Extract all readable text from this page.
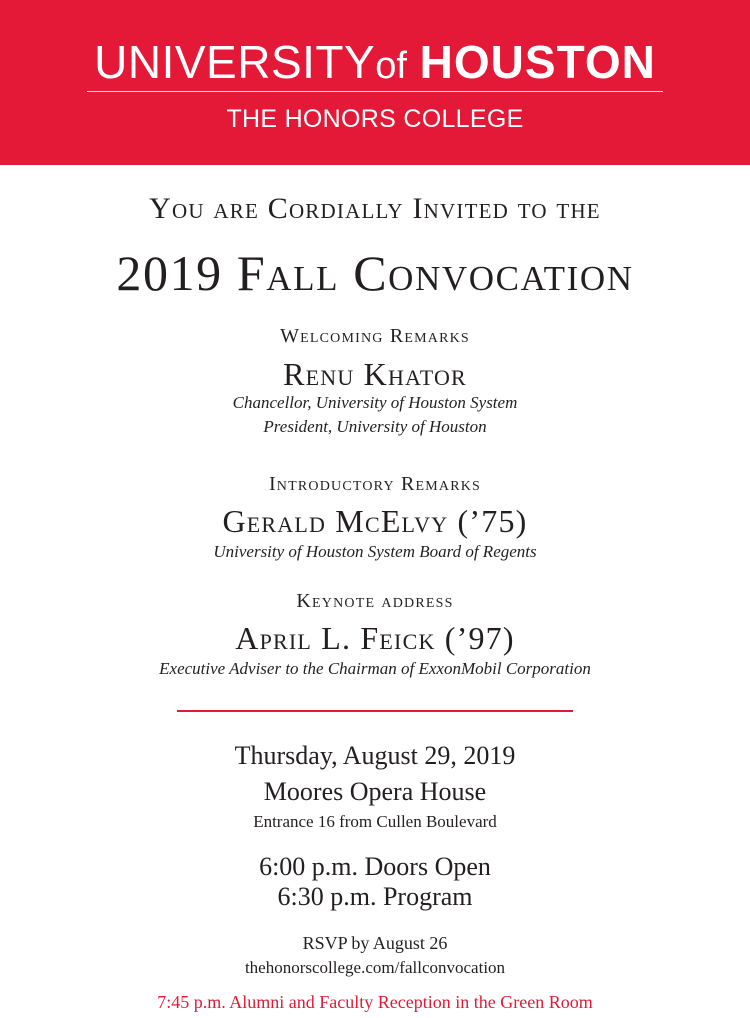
UNIVERSITYof HOUSTON
THE HONORS COLLEGE
You are Cordially Invited to the
2019 Fall Convocation
Welcoming Remarks
Renu Khator
Chancellor, University of Houston System
President, University of Houston
Introductory Remarks
Gerald McElvy (’75)
University of Houston System Board of Regents
Keynote address
April L. Feick (’97)
Executive Adviser to the Chairman of ExxonMobil Corporation
Thursday, August 29, 2019
Moores Opera House
Entrance 16 from Cullen Boulevard
6:00 p.m. Doors Open
6:30 p.m. Program
RSVP by August 26
thehonorscollege.com/fallconvocation
7:45 p.m. Alumni and Faculty Reception in the Green Room
